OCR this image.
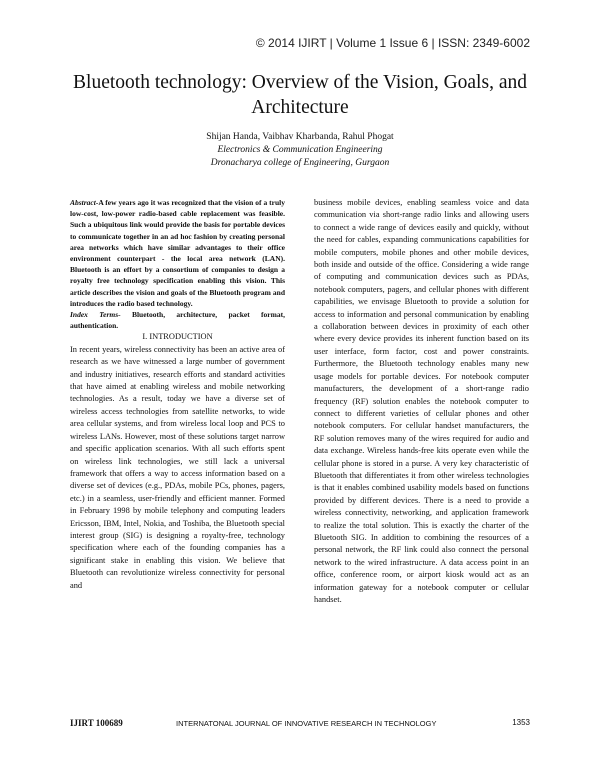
© 2014 IJIRT | Volume 1 Issue 6 | ISSN: 2349-6002
Bluetooth technology: Overview of the Vision, Goals, and
Architecture
Shijan Handa, Vaibhav Kharbanda, Rahul Phogat
Electronics & Communication Engineering
Dronacharya college of Engineering, Gurgaon

Abstract-A few years ago it was recognized that the vision of a truly low-cost, low-power radio-based cable replacement was feasible. Such a ubiquitous link would provide the basis for portable devices to communicate together in an ad hoc fashion by creating personal area networks which have similar advantages to their office environment counterpart - the local area network (LAN). Bluetooth is an effort by a consortium of companies to design a royalty free technology specification enabling this vision. This article describes the vision and goals of the Bluetooth program and introduces the radio based technology.

Index Terms- Bluetooth, architecture, packet format, authentication.

I. INTRODUCTION

In recent years, wireless connectivity has been an active area of research as we have witnessed a large number of government and industry initiatives, research efforts and standard activities that have aimed at enabling wireless and mobile networking technologies. As a result, today we have a diverse set of wireless access technologies from satellite networks, to wide area cellular systems, and from wireless local loop and PCS to wireless LANs. However, most of these solutions target narrow and specific application scenarios. With all such efforts spent on wireless link technologies, we still lack a universal framework that offers a way to access information based on a diverse set of devices (e.g., PDAs, mobile PCs, phones, pagers, etc.) in a seamless, user-friendly and efficient manner. Formed in February 1998 by mobile telephony and computing leaders Ericsson, IBM, Intel, Nokia, and Toshiba, the Bluetooth special interest group (SIG) is designing a royalty-free, technology specification where each of the founding companies has a significant stake in enabling this vision. We believe that Bluetooth can revolutionize wireless connectivity for personal and

business mobile devices, enabling seamless voice and data communication via short-range radio links and allowing users to connect a wide range of devices easily and quickly, without the need for cables, expanding communications capabilities for mobile computers, mobile phones and other mobile devices, both inside and outside of the office. Considering a wide range of computing and communication devices such as PDAs, notebook computers, pagers, and cellular phones with different capabilities, we envisage Bluetooth to provide a solution for access to information and personal communication by enabling a collaboration between devices in proximity of each other where every device provides its inherent function based on its user interface, form factor, cost and power constraints. Furthermore, the Bluetooth technology enables many new usage models for portable devices. For notebook computer manufacturers, the development of a short-range radio frequency (RF) solution enables the notebook computer to connect to different varieties of cellular phones and other notebook computers. For cellular handset manufacturers, the RF solution removes many of the wires required for audio and data exchange. Wireless hands-free kits operate even while the cellular phone is stored in a purse. A very key characteristic of Bluetooth that differentiates it from other wireless technologies is that it enables combined usability models based on functions provided by different devices. There is a need to provide a wireless connectivity, networking, and application framework to realize the total solution. This is exactly the charter of the Bluetooth SIG. In addition to combining the resources of a personal network, the RF link could also connect the personal network to the wired infrastructure. A data access point in an office, conference room, or airport kiosk would act as an information gateway for a notebook computer or cellular handset.

IJIRT 100689	INTERNATONAL JOURNAL OF INNOVATIVE RESEARCH IN TECHNOLOGY	1353
